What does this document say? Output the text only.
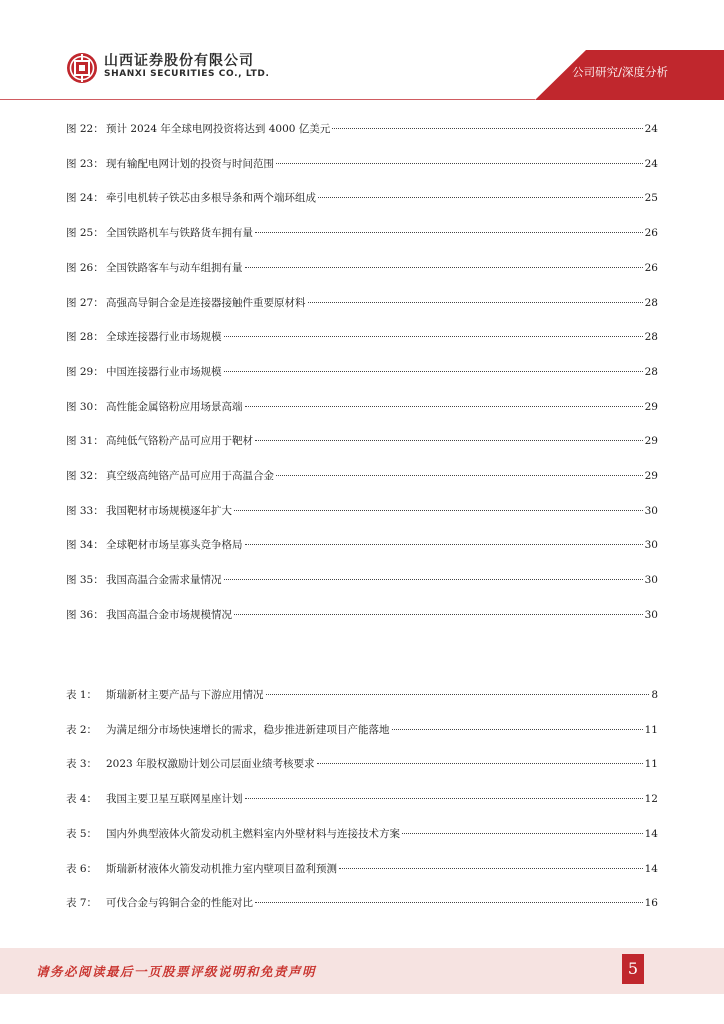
山西证券股份有限公司
SHANXI SECURITIES CO., LTD.	公司研究/深度分析
图 22： 预计 2024 年全球电网投资将达到 4000 亿美元	24
图 23： 现有输配电网计划的投资与时间范围	24
图 24： 牵引电机转子铁芯由多根导条和两个端环组成	25
图 25： 全国铁路机车与铁路货车拥有量	26
图 26： 全国铁路客车与动车组拥有量	26
图 27： 高强高导铜合金是连接器接触件重要原材料	28
图 28： 全球连接器行业市场规模	28
图 29： 中国连接器行业市场规模	28
图 30： 高性能金属铬粉应用场景高端	29
图 31： 高纯低气铬粉产品可应用于靶材	29
图 32： 真空级高纯铬产品可应用于高温合金	29
图 33： 我国靶材市场规模逐年扩大	30
图 34： 全球靶材市场呈寡头竞争格局	30
图 35： 我国高温合金需求量情况	30
图 36： 我国高温合金市场规模情况	30
表 1： 斯瑞新材主要产品与下游应用情况	8
表 2： 为满足细分市场快速增长的需求，稳步推进新建项目产能落地	11
表 3： 2023 年股权激励计划公司层面业绩考核要求	11
表 4： 我国主要卫星互联网星座计划	12
表 5： 国内外典型液体火箭发动机主燃料室内外壁材料与连接技术方案	14
表 6： 斯瑞新材液体火箭发动机推力室内壁项目盈利预测	14
表 7： 可伐合金与钨铜合金的性能对比	16
请务必阅读最后一页股票评级说明和免责声明	5
